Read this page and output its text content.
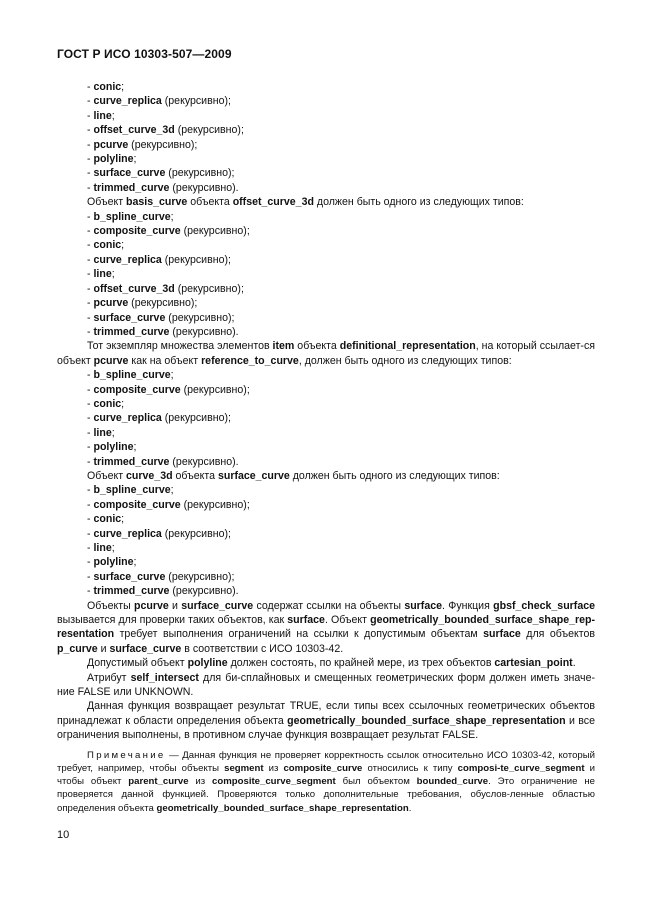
ГОСТ Р ИСО 10303-507—2009
- conic;
- curve_replica (рекурсивно);
- line;
- offset_curve_3d (рекурсивно);
- pcurve (рекурсивно);
- polyline;
- surface_curve (рекурсивно);
- trimmed_curve (рекурсивно).
Объект basis_curve объекта offset_curve_3d должен быть одного из следующих типов:
- b_spline_curve;
- composite_curve (рекурсивно);
- conic;
- curve_replica (рекурсивно);
- line;
- offset_curve_3d (рекурсивно);
- pcurve (рекурсивно);
- surface_curve (рекурсивно);
- trimmed_curve (рекурсивно).
Тот экземпляр множества элементов item объекта definitional_representation, на который ссылает-ся объект pcurve как на объект reference_to_curve, должен быть одного из следующих типов:
- b_spline_curve;
- composite_curve (рекурсивно);
- conic;
- curve_replica (рекурсивно);
- line;
- polyline;
- trimmed_curve (рекурсивно).
Объект curve_3d объекта surface_curve должен быть одного из следующих типов:
- b_spline_curve;
- composite_curve (рекурсивно);
- conic;
- curve_replica (рекурсивно);
- line;
- polyline;
- surface_curve (рекурсивно);
- trimmed_curve (рекурсивно).
Объекты pcurve и surface_curve содержат ссылки на объекты surface. Функция gbsf_check_surface вызывается для проверки таких объектов, как surface. Объект geometrically_bounded_surface_shape_rep-resentation требует выполнения ограничений на ссылки к допустимым объектам surface для объектов p_curve и surface_curve в соответствии с ИСО 10303-42.
Допустимый объект polyline должен состоять, по крайней мере, из трех объектов cartesian_point.
Атрибут self_intersect для би-сплайновых и смещенных геометрических форм должен иметь значе-ние FALSE или UNKNOWN.
Данная функция возвращает результат TRUE, если типы всех ссылочных геометрических объектов принадлежат к области определения объекта geometrically_bounded_surface_shape_representation и все ограничения выполнены, в противном случае функция возвращает результат FALSE.
Примечание — Данная функция не проверяет корректность ссылок относительно ИСО 10303-42, который требует, например, чтобы объекты segment из composite_curve относились к типу composi-te_curve_segment и чтобы объект parent_curve из composite_curve_segment был объектом bounded_curve. Это ограничение не проверяется данной функцией. Проверяются только дополнительные требования, обуслов-ленные областью определения объекта geometrically_bounded_surface_shape_representation.
10
